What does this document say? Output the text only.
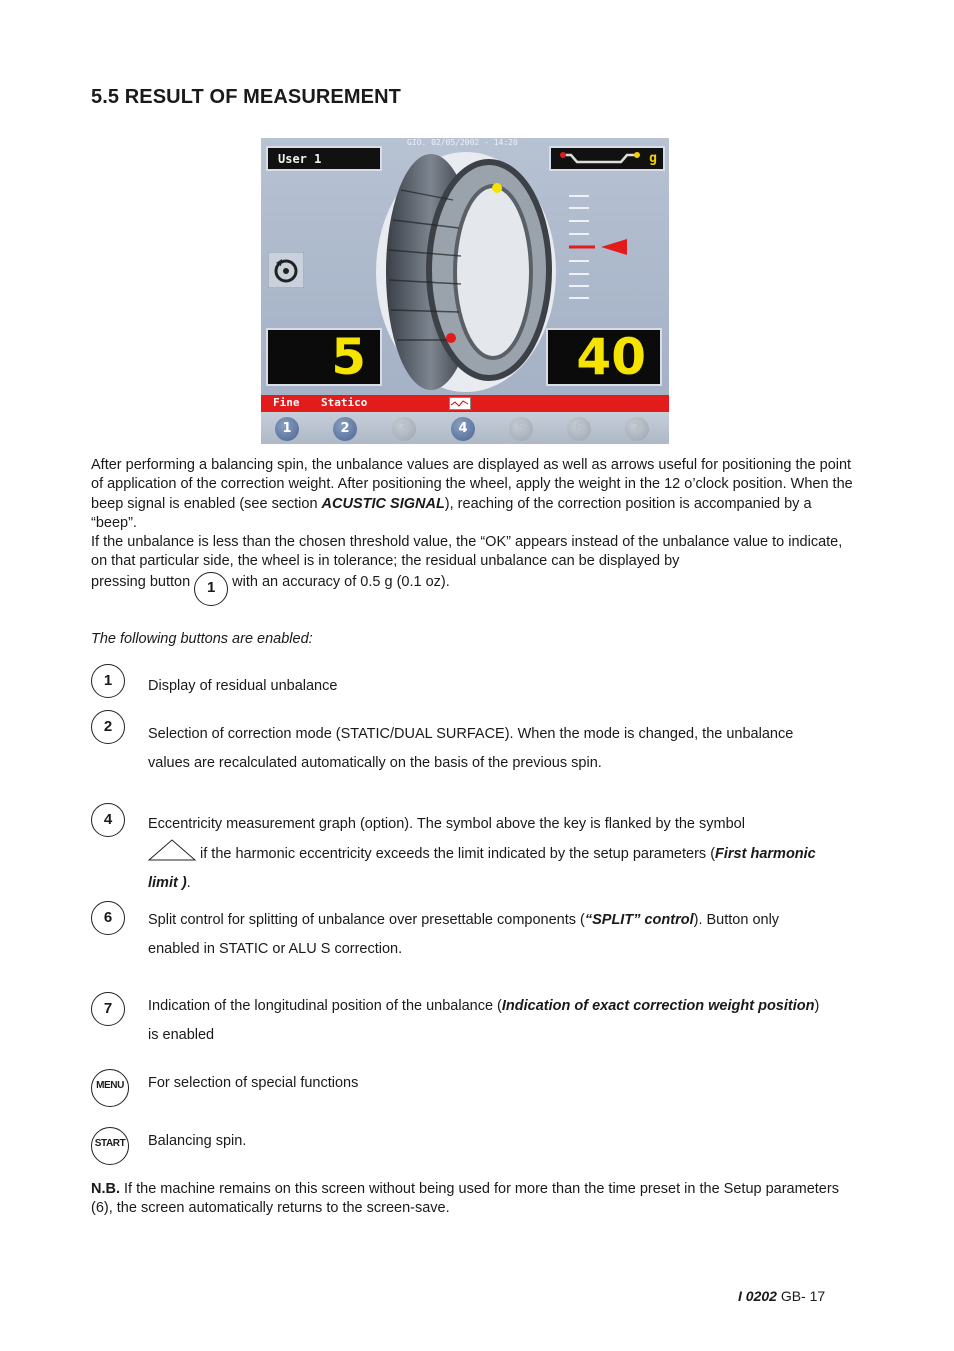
5.5 RESULT OF MEASUREMENT
User 1
GIO. 02/05/2002 - 14:20
g
5	40
Fine Statico
1	2	3	4	5	6	7

After performing a balancing spin, the unbalance values are displayed as well as arrows useful for positioning the point of application of the correction weight. After positioning the wheel, apply the weight in the 12 o’clock position. When the beep signal is enabled (see section ACUSTIC SIGNAL), reaching of the correction position is accompanied by a “beep”.
If the unbalance is less than the chosen threshold value, the “OK” appears instead of the unbalance value to indicate, on that particular side, the wheel is in tolerance; the residual unbalance can be displayed by

pressing button 1 with an accuracy of 0.5 g (0.1 oz).

The following buttons are enabled:

1	Display of residual unbalance

2	Selection of correction mode (STATIC/DUAL SURFACE). When the mode is changed, the unbalance values are recalculated automatically on the basis of the previous spin.

4	Eccentricity measurement graph (option). The symbol above the key is flanked by the symbol
if the harmonic eccentricity exceeds the limit indicated by the setup parameters (First harmonic limit ).

6	Split control for splitting of unbalance over presettable components (“SPLIT” control). Button only enabled in STATIC or ALU S correction.

7	Indication of the longitudinal position of the unbalance (Indication of exact correction weight position) is enabled

MENU	For selection of special functions

START Balancing spin.

N.B. If the machine remains on this screen without being used for more than the time preset in the Setup parameters (6), the screen automatically returns to the screen-save.

I 0202 GB- 17
